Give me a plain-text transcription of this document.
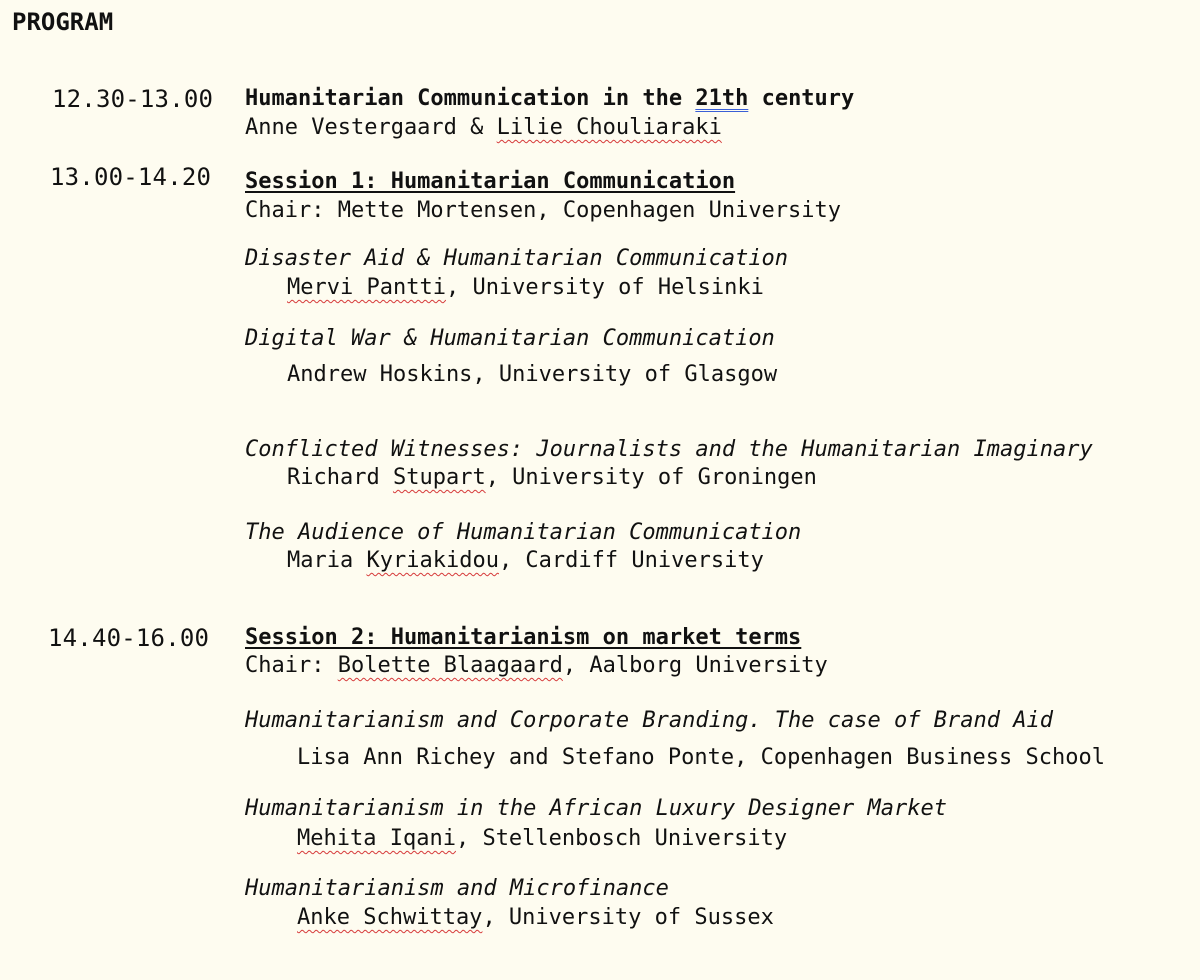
PROGRAM
12.30-13.00 Humanitarian Communication in the 21th century
Anne Vestergaard & Lilie Chouliaraki
13.00-14.20 Session 1: Humanitarian Communication
Chair: Mette Mortensen, Copenhagen University
Disaster Aid & Humanitarian Communication
Mervi Pantti, University of Helsinki
Digital War & Humanitarian Communication
Andrew Hoskins, University of Glasgow
Conflicted Witnesses: Journalists and the Humanitarian Imaginary
Richard Stupart, University of Groningen
The Audience of Humanitarian Communication
Maria Kyriakidou, Cardiff University
14.40-16.00 Session 2: Humanitarianism on market terms
Chair: Bolette Blaagaard, Aalborg University
Humanitarianism and Corporate Branding. The case of Brand Aid
Lisa Ann Richey and Stefano Ponte, Copenhagen Business School
Humanitarianism in the African Luxury Designer Market
Mehita Iqani, Stellenbosch University
Humanitarianism and Microfinance
Anke Schwittay, University of Sussex
